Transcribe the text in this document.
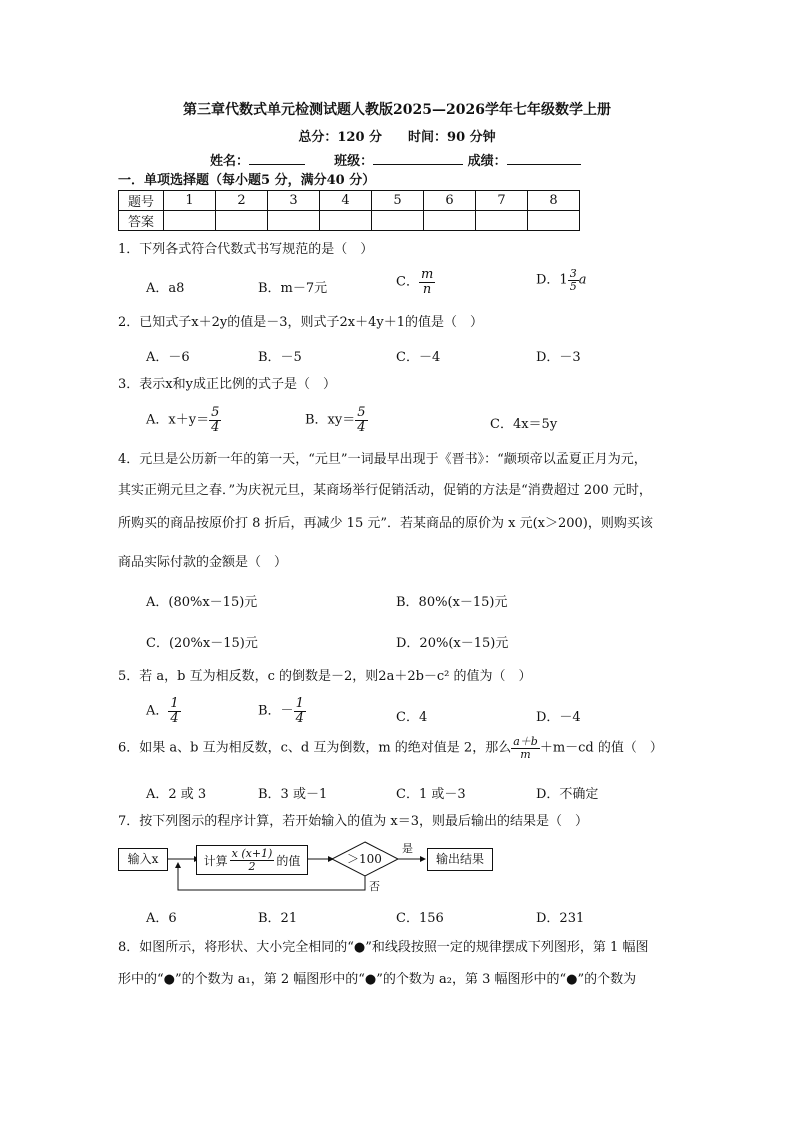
第三章代数式单元检测试题人教版2025—2026学年七年级数学上册
总分：120 分　　时间：90 分钟
姓名：	班级：	成绩：
一．单项选择题（每小题5 分，满分40 分）
题号	1	2	3	4	5	6	7	8
答案								
1．下列各式符合代数式书写规范的是（　）
A．a8	B．m－7元	C． $\frac{m}{n}$	D．$1 \frac{3}{5}$ a
2．已知式子x＋2y的值是－3，则式子2x＋4y＋1的值是（　）
A．－6	B．－5	C．－4	D．－3
3．表示x和y成正比例的式子是（　）
A．$x+y= \frac{5}{4}$	B．$xy= \frac{5}{4}$	C．4x＝5y
4．元旦是公历新一年的第一天，“元旦”一词最早出现于《晋书》：“颛顼帝以孟夏正月为元，
其实正朔元旦之春．”为庆祝元旦，某商场举行促销活动，促销的方法是“消费超过 200 元时，
所购买的商品按原价打 8 折后，再减少 15 元”．若某商品的原价为 x 元(x＞200)，则购买该
商品实际付款的金额是（　）
A．(80%x－15)元	B．80%(x－15)元
C．(20%x－15)元	D．20%(x－15)元
5．若 a，b 互为相反数，c 的倒数是－2，则2a＋2b－c² 的值为（　）
A． $\frac{1}{4}$	B．－ $\frac{1}{4}$	C．4	D．－4
6．如果 a、b 互为相反数，c、d 互为倒数，m 的绝对值是 2，那么 $\frac{a+b}{m} +m-cd$ 的值（　）
A．2 或 3	B．3 或－1	C．1 或－3	D．不确定
7．按下列图示的程序计算，若开始输入的值为 x＝3，则最后输出的结果是（　）
输入x	计算 $\frac{x (x+1)}{2}$ 的值	＞100
是
否
输出结果
A．6	B．21	C．156	D．231
8．如图所示，将形状、大小完全相同的“●”和线段按照一定的规律摆成下列图形，第 1 幅图
形中的“●”的个数为 a₁，第 2 幅图形中的“●”的个数为 a₂，第 3 幅图形中的“●”的个数为
